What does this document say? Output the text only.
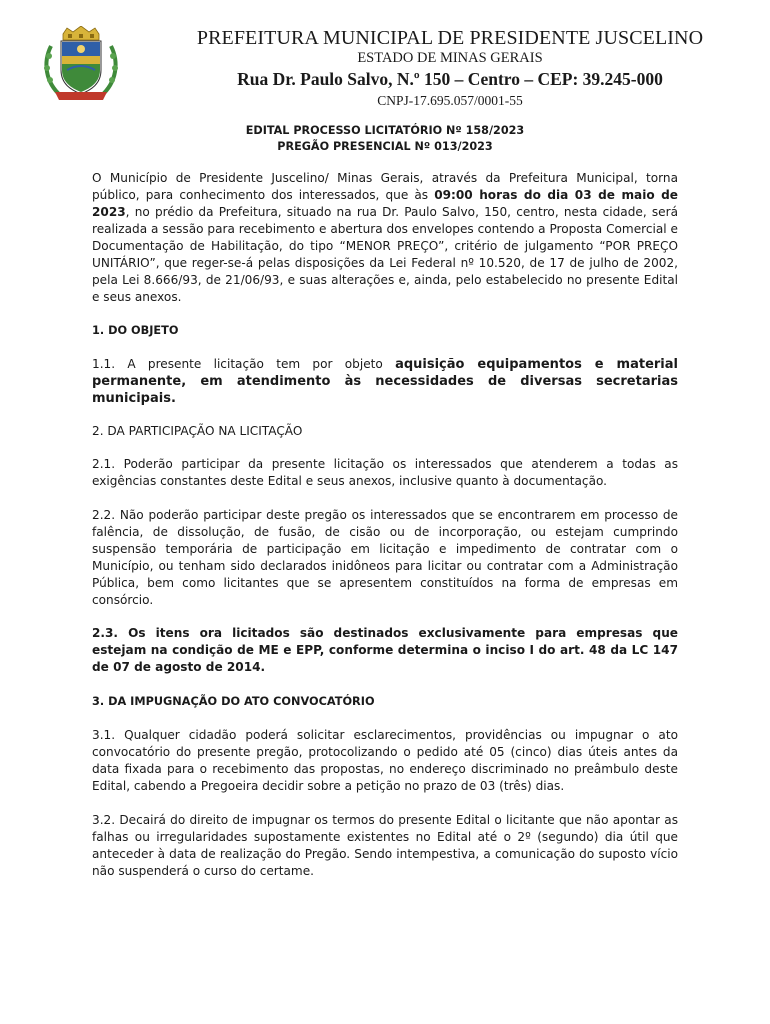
PREFEITURA MUNICIPAL DE PRESIDENTE JUSCELINO
ESTADO DE MINAS GERAIS
Rua Dr. Paulo Salvo, N.º 150 – Centro – CEP: 39.245-000
CNPJ-17.695.057/0001-55
EDITAL PROCESSO LICITATÓRIO Nº 158/2023
PREGÃO PRESENCIAL Nº 013/2023

O Município de Presidente Juscelino/ Minas Gerais, através da Prefeitura Municipal, torna público, para conhecimento dos interessados, que às 09:00 horas do dia 03 de maio de 2023, no prédio da Prefeitura, situado na rua Dr. Paulo Salvo, 150, centro, nesta cidade, será realizada a sessão para recebimento e abertura dos envelopes contendo a Proposta Comercial e Documentação de Habilitação, do tipo “MENOR PREÇO”, critério de julgamento “POR PREÇO UNITÁRIO”, que reger-se-á pelas disposições da Lei Federal nº 10.520, de 17 de julho de 2002, pela Lei 8.666/93, de 21/06/93, e suas alterações e, ainda, pelo estabelecido no presente Edital e seus anexos.

1. DO OBJETO

1.1. A presente licitação tem por objeto aquisição equipamentos e material permanente, em atendimento às necessidades de diversas secretarias municipais.

2. DA PARTICIPAÇÃO NA LICITAÇÃO

2.1. Poderão participar da presente licitação os interessados que atenderem a todas as exigências constantes deste Edital e seus anexos, inclusive quanto à documentação.

2.2. Não poderão participar deste pregão os interessados que se encontrarem em processo de falência, de dissolução, de fusão, de cisão ou de incorporação, ou estejam cumprindo suspensão temporária de participação em licitação e impedimento de contratar com o Município, ou tenham sido declarados inidôneos para licitar ou contratar com a Administração Pública, bem como licitantes que se apresentem constituídos na forma de empresas em consórcio.

2.3. Os itens ora licitados são destinados exclusivamente para empresas que estejam na condição de ME e EPP, conforme determina o inciso I do art. 48 da LC 147 de 07 de agosto de 2014.

3. DA IMPUGNAÇÃO DO ATO CONVOCATÓRIO

3.1. Qualquer cidadão poderá solicitar esclarecimentos, providências ou impugnar o ato convocatório do presente pregão, protocolizando o pedido até 05 (cinco) dias úteis antes da data fixada para o recebimento das propostas, no endereço discriminado no preâmbulo deste Edital, cabendo a Pregoeira decidir sobre a petição no prazo de 03 (três) dias.

3.2. Decairá do direito de impugnar os termos do presente Edital o licitante que não apontar as falhas ou irregularidades supostamente existentes no Edital até o 2º (segundo) dia útil que anteceder à data de realização do Pregão. Sendo intempestiva, a comunicação do suposto vício não suspenderá o curso do certame.
